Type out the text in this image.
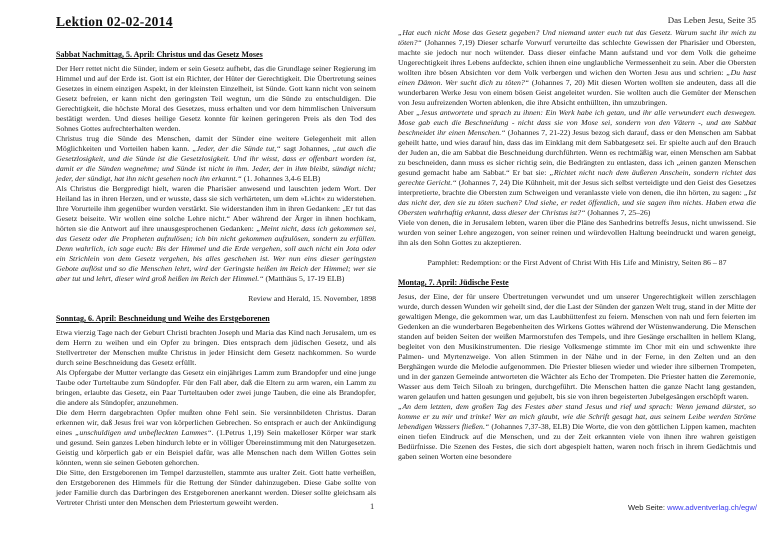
Lektion 02-02-2014
Sabbat Nachmittag, 5. April: Christus und das Gesetz Moses
Der Herr rettet nicht die Sünder, indem er sein Gesetz aufhebt, das die Grundlage seiner Regierung im Himmel und auf der Erde ist. Gott ist ein Richter, der Hüter der Gerechtigkeit. Die Übertretung seines Gesetzes in einem einzigen Aspekt, in der kleinsten Einzelheit, ist Sünde. Gott kann nicht von seinem Gesetz befreien, er kann nicht den geringsten Teil wegtun, um die Sünde zu entschuldigen. Die Gerechtigkeit, die höchste Moral des Gesetzes, muss erhalten und vor dem himmlischen Universum bestätigt werden. Und dieses heilige Gesetz konnte für keinen geringeren Preis als den Tod des Sohnes Gottes aufrechterhalten werden.
Christus trug die Sünde des Menschen, damit der Sünder eine weitere Gelegenheit mit allen Möglichkeiten und Vorteilen haben kann. „Jeder, der die Sünde tut,“ sagt Johannes, „tut auch die Gesetzlosigkeit, und die Sünde ist die Gesetzlosigkeit. Und ihr wisst, dass er offenbart worden ist, damit er die Sünden wegnehme; und Sünde ist nicht in ihm. Jeder, der in ihm bleibt, sündigt nicht; jeder, der sündigt, hat ihn nicht gesehen noch ihn erkannt.“ (1. Johannes 3,4-6 ELB)
Als Christus die Bergpredigt hielt, waren die Pharisäer anwesend und lauschten jedem Wort. Der Heiland las in ihren Herzen, und er wusste, dass sie sich verhärteten, um dem »Licht« zu widerstehen. Ihre Vorurteile ihm gegenüber wurden verstärkt. Sie widerstanden ihm in ihren Gedanken: „Er tut das Gesetz beiseite. Wir wollen eine solche Lehre nicht.“ Aber während der Ärger in ihnen hochkam, hörten sie die Antwort auf ihre unausgesprochenen Gedanken: „Meint nicht, dass ich gekommen sei, das Gesetz oder die Propheten aufzulösen; ich bin nicht gekommen aufzulösen, sondern zu erfüllen. Denn wahrlich, ich sage euch: Bis der Himmel und die Erde vergehen, soll auch nicht ein Jota oder ein Strichlein von dem Gesetz vergehen, bis alles geschehen ist. Wer nun eins dieser geringsten Gebote auflöst und so die Menschen lehrt, wird der Geringste heißen im Reich der Himmel; wer sie aber tut und lehrt, dieser wird groß heißen im Reich der Himmel.“ (Matthäus 5, 17-19 ELB)
Review and Herald, 15. November, 1898
Sonntag, 6. April: Beschneidung und Weihe des Erstgeborenen
Etwa vierzig Tage nach der Geburt Christi brachten Joseph und Maria das Kind nach Jerusalem, um es dem Herrn zu weihen und ein Opfer zu bringen. Dies entsprach dem jüdischen Gesetz, und als Stellvertreter der Menschen mußte Christus in jeder Hinsicht dem Gesetz nachkommen. So wurde durch seine Beschneidung das Gesetz erfüllt.
Als Opfergabe der Mutter verlangte das Gesetz ein einjähriges Lamm zum Brandopfer und eine junge Taube oder Turteltaube zum Sündopfer. Für den Fall aber, daß die Eltern zu arm waren, ein Lamm zu bringen, erlaubte das Gesetz, ein Paar Turteltauben oder zwei junge Tauben, die eine als Brandopfer, die andere als Sündopfer, anzunehmen.
Die dem Herrn dargebrachten Opfer mußten ohne Fehl sein. Sie versinnbildeten Christus. Daran erkennen wir, daß Jesus frei war von körperlichen Gebrechen. So entsprach er auch der Ankündigung eines „unschuldigen und unbefleckten Lammes“. (1.Petrus 1,19) Sein makelloser Körper war stark und gesund. Sein ganzes Leben hindurch lebte er in völliger Übereinstimmung mit den Naturgesetzen. Geistig und körperlich gab er ein Beispiel dafür, was alle Menschen nach dem Willen Gottes sein könnten, wenn sie seinen Geboten gehorchen.
Die Sitte, den Erstgeborenen im Tempel darzustellen, stammte aus uralter Zeit. Gott hatte verheißen, den Erstgeborenen des Himmels für die Rettung der Sünder dahinzugeben. Diese Gabe sollte von jeder Familie durch das Darbringen des Erstgeborenen anerkannt werden. Dieser sollte gleichsam als Vertreter Christi unter den Menschen dem Priestertum geweiht werden.
Das Leben Jesu, Seite 35
„Hat euch nicht Mose das Gesetz gegeben? Und niemand unter euch tut das Gesetz. Warum sucht ihr mich zu töten?“ (Johannes 7,19) Dieser scharfe Vorwurf verurteilte das schlechte Gewissen der Pharisäer und Obersten, machte sie jedoch nur noch wütender. Dass dieser einfache Mann aufstand und vor dem Volk die geheime Ungerechtigkeit ihres Lebens aufdeckte, schien ihnen eine unglaubliche Vermessenheit zu sein. Aber die Obersten wollten ihre bösen Absichten vor dem Volk verbergen und wichen den Worten Jesu aus und schrien: „Du hast einen Dämon. Wer sucht dich zu töten?“ (Johannes 7, 20) Mit diesen Worten wollten sie andeuten, dass all die wunderbaren Werke Jesu von einem bösen Geist angeleitet wurden. Sie wollten auch die Gemüter der Menschen von Jesu aufreizenden Worten ablenken, die ihre Absicht enthüllten, ihn umzubringen.
Aber „Jesus antwortete und sprach zu ihnen: Ein Werk habe ich getan, und ihr alle verwundert euch deswegen. Mose gab euch die Beschneidung - nicht dass sie von Mose sei, sondern von den Vätern -, und am Sabbat beschneidet ihr einen Menschen.“ (Johannes 7, 21-22) Jesus bezog sich darauf, dass er den Menschen am Sabbat geheilt hatte, und wies darauf hin, dass das im Einklang mit dem Sabbatgesetz sei. Er spielte auch auf den Brauch der Juden an, die am Sabbat die Beschneidung durchführten. Wenn es rechtmäßig war, einen Menschen am Sabbat zu beschneiden, dann muss es sicher richtig sein, die Bedrängten zu entlasten, dass ich „einen ganzen Menschen gesund gemacht habe am Sabbat.“ Er bat sie: „Richtet nicht nach dem äußeren Anschein, sondern richtet das gerechte Gericht.“ (Johannes 7, 24) Die Kühnheit, mit der Jesus sich selbst verteidigte und den Geist des Gesetzes interpretierte, brachte die Obersten zum Schweigen und veranlasste viele von denen, die ihn hörten, zu sagen: „Ist das nicht der, den sie zu töten suchen? Und siehe, er redet öffentlich, und sie sagen ihm nichts. Haben etwa die Obersten wahrhaftig erkannt, dass dieser der Christus ist?“ (Johannes 7, 25–26)
Viele von denen, die in Jerusalem lebten, waren über die Pläne des Sanhedrins betreffs Jesus, nicht unwissend. Sie wurden von seiner Lehre angezogen, von seiner reinen und würdevollen Haltung beeindruckt und waren geneigt, ihn als den Sohn Gottes zu akzeptieren.
Pamphlet: Redemption: or the First Advent of Christ With His Life and Ministry, Seiten 86 – 87
Montag, 7. April: Jüdische Feste
Jesus, der Eine, der für unsere Übertretungen verwundet und um unserer Ungerechtigkeit willen zerschlagen wurde, durch dessen Wunden wir geheilt sind, der die Last der Sünden der ganzen Welt trug, stand in der Mitte der gewaltigen Menge, die gekommen war, um das Laubhüttenfest zu feiern. Menschen von nah und fern feierten im Gedenken an die wunderbaren Begebenheiten des Wirkens Gottes während der Wüstenwanderung. Die Menschen standen auf beiden Seiten der weißen Marmorstufen des Tempels, und ihre Gesänge erschallten in hellem Klang, begleitet von den Musikinstrumenten. Die riesige Volksmenge stimmte im Chor mit ein und schwenkte ihre Palmen- und Myrtenzweige. Von allen Stimmen in der Nähe und in der Ferne, in den Zelten und an den Berghängen wurde die Melodie aufgenommen. Die Priester bliesen wieder und wieder ihre silbernen Trompeten, und in der ganzen Gemeinde antworteten die Wächter als Echo der Trompeten. Die Priester hatten die Zeremonie, Wasser aus dem Teich Siloah zu bringen, durchgeführt. Die Menschen hatten die ganze Nacht lang gestanden, waren gelaufen und hatten gesungen und gejubelt, bis sie von ihren begeisterten Jubelgesängen erschöpft waren.
„An dem letzten, dem großen Tag des Festes aber stand Jesus und rief und sprach: Wenn jemand dürstet, so komme er zu mir und trinke! Wer an mich glaubt, wie die Schrift gesagt hat, aus seinem Leibe werden Ströme lebendigen Wassers fließen.“ (Johannes 7,37-38, ELB) Die Worte, die von den göttlichen Lippen kamen, machten einen tiefen Eindruck auf die Menschen, und zu der Zeit erkannten viele von ihnen ihre wahren geistigen Bedürfnisse. Die Szenen des Festes, die sich dort abgespielt hatten, waren noch frisch in ihrem Gedächtnis und gaben seinen Worten eine besondere
1	Web Seite: www.adventverlag.ch/egw/
